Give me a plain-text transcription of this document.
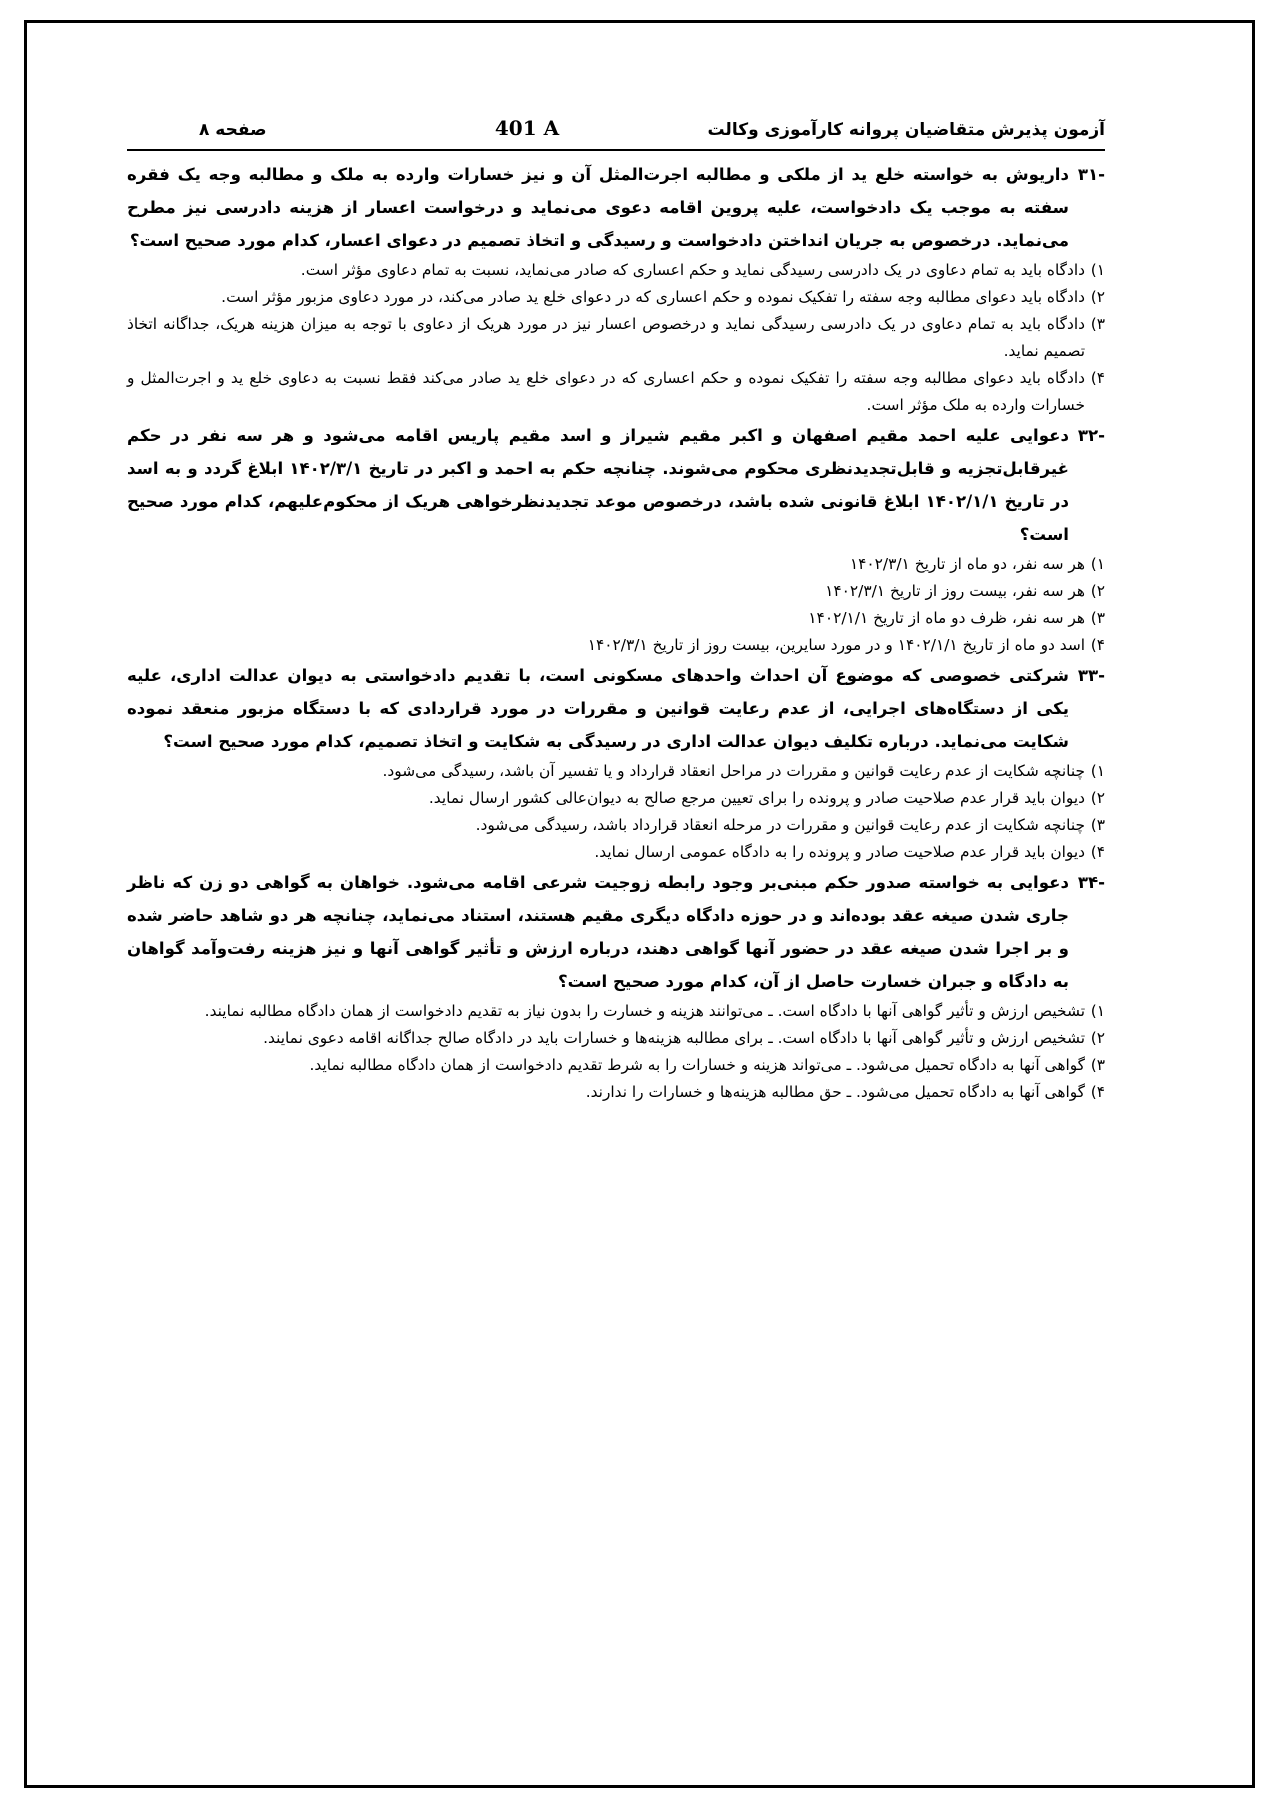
آزمون پذیرش متقاضیان پروانه کارآموزی وکالت
401 A
صفحه ۸
-۳۱
داریوش به خواسته خلع ید از ملکی و مطالبه اجرت‌المثل آن و نیز خسارات وارده به ملک و مطالبه وجه یک فقره سفته به موجب یک دادخواست، علیه پروین اقامه دعوی می‌نماید و درخواست اعسار از هزینه دادرسی نیز مطرح می‌نماید. درخصوص به جریان انداختن دادخواست و رسیدگی و اتخاذ تصمیم در دعوای اعسار، کدام مورد صحیح است؟
۱)
دادگاه باید به تمام دعاوی در یک دادرسی رسیدگی نماید و حکم اعساری که صادر می‌نماید، نسبت به تمام دعاوی مؤثر است.
۲)
دادگاه باید دعوای مطالبه وجه سفته را تفکیک نموده و حکم اعساری که در دعوای خلع ید صادر می‌کند، در مورد دعاوی مزبور مؤثر است.
۳)
دادگاه باید به تمام دعاوی در یک دادرسی رسیدگی نماید و درخصوص اعسار نیز در مورد هریک از دعاوی با توجه به میزان هزینه هریک، جداگانه اتخاذ تصمیم نماید.
۴)
دادگاه باید دعوای مطالبه وجه سفته را تفکیک نموده و حکم اعساری که در دعوای خلع ید صادر می‌کند فقط نسبت به دعاوی خلع ید و اجرت‌المثل و خسارات وارده به ملک مؤثر است.
-۳۲
دعوایی علیه احمد مقیم اصفهان و اکبر مقیم شیراز و اسد مقیم پاریس اقامه می‌شود و هر سه نفر در حکم غیرقابل‌تجزیه و قابل‌تجدیدنظری محکوم می‌شوند. چنانچه حکم به احمد و اکبر در تاریخ ۱۴۰۲/۳/۱ ابلاغ گردد و به اسد در تاریخ ۱۴۰۲/۱/۱ ابلاغ قانونی شده باشد، درخصوص موعد تجدیدنظرخواهی هریک از محکوم‌علیهم، کدام مورد صحیح است؟
۱)
هر سه نفر، دو ماه از تاریخ ۱۴۰۲/۳/۱
۲)
هر سه نفر، بیست روز از تاریخ ۱۴۰۲/۳/۱
۳)
هر سه نفر، ظرف دو ماه از تاریخ ۱۴۰۲/۱/۱
۴)
اسد دو ماه از تاریخ ۱۴۰۲/۱/۱ و در مورد سایرین، بیست روز از تاریخ ۱۴۰۲/۳/۱
-۳۳
شرکتی خصوصی که موضوع آن احداث واحدهای مسکونی است، با تقدیم دادخواستی به دیوان عدالت اداری، علیه یکی از دستگاه‌های اجرایی، از عدم رعایت قوانین و مقررات در مورد قراردادی که با دستگاه مزبور منعقد نموده شکایت می‌نماید. درباره تکلیف دیوان عدالت اداری در رسیدگی به شکایت و اتخاذ تصمیم، کدام مورد صحیح است؟
۱)
چنانچه شکایت از عدم رعایت قوانین و مقررات در مراحل انعقاد قرارداد و یا تفسیر آن باشد، رسیدگی می‌شود.
۲)
دیوان باید قرار عدم صلاحیت صادر و پرونده را برای تعیین مرجع صالح به دیوان‌عالی کشور ارسال نماید.
۳)
چنانچه شکایت از عدم رعایت قوانین و مقررات در مرحله انعقاد قرارداد باشد، رسیدگی می‌شود.
۴)
دیوان باید قرار عدم صلاحیت صادر و پرونده را به دادگاه عمومی ارسال نماید.
-۳۴
دعوایی به خواسته صدور حکم مبنی‌بر وجود رابطه زوجیت شرعی اقامه می‌شود. خواهان به گواهی دو زن که ناظر جاری شدن صیغه عقد بوده‌اند و در حوزه دادگاه دیگری مقیم هستند، استناد می‌نماید، چنانچه هر دو شاهد حاضر شده و بر اجرا شدن صیغه عقد در حضور آنها گواهی دهند، درباره ارزش و تأثیر گواهی آنها و نیز هزینه رفت‌وآمد گواهان به دادگاه و جبران خسارت حاصل از آن، کدام مورد صحیح است؟
۱)
تشخیص ارزش و تأثیر گواهی آنها با دادگاه است. ـ می‌توانند هزینه و خسارت را بدون نیاز به تقدیم دادخواست از همان دادگاه مطالبه نمایند.
۲)
تشخیص ارزش و تأثیر گواهی آنها با دادگاه است. ـ برای مطالبه هزینه‌ها و خسارات باید در دادگاه صالح جداگانه اقامه دعوی نمایند.
۳)
گواهی آنها به دادگاه تحمیل می‌شود. ـ می‌تواند هزینه و خسارات را به شرط تقدیم دادخواست از همان دادگاه مطالبه نماید.
۴)
گواهی آنها به دادگاه تحمیل می‌شود. ـ حق مطالبه هزینه‌ها و خسارات را ندارند.
